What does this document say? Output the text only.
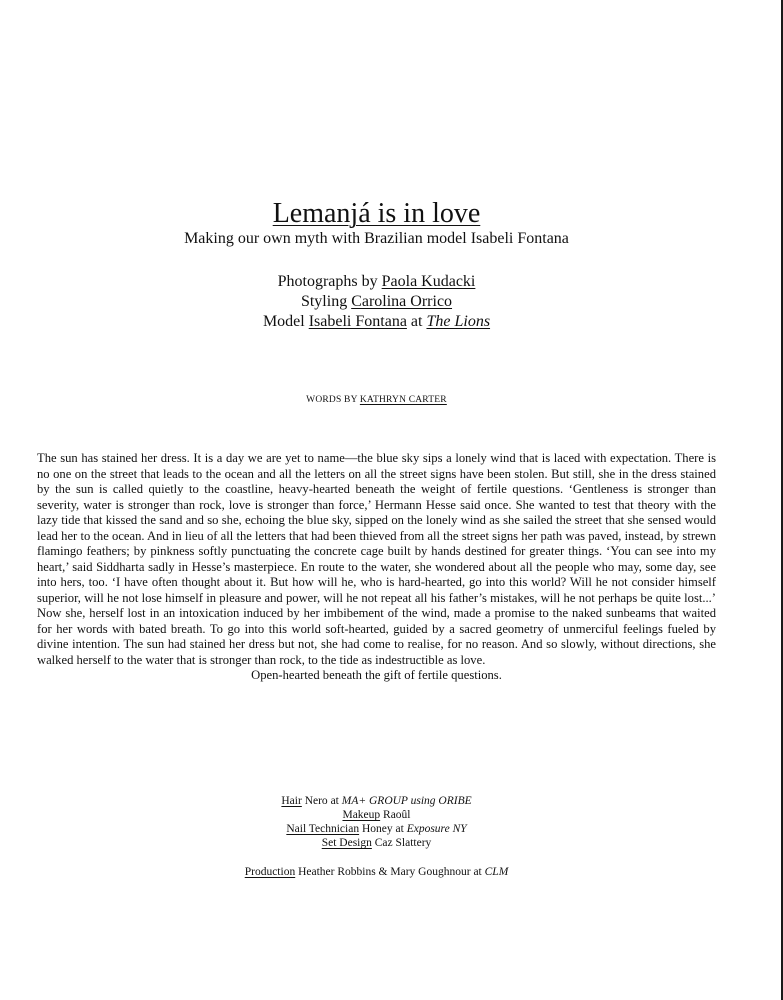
Lemanjá is in love
Making our own myth with Brazilian model Isabeli Fontana
Photographs by Paola Kudacki
Styling Carolina Orrico
Model Isabeli Fontana at The Lions
WORDS BY KATHRYN CARTER

The sun has stained her dress. It is a day we are yet to name—the blue sky sips a lonely wind that is laced with expectation. There is no one on the street that leads to the ocean and all the letters on all the street signs have been stolen. But still, she in the dress stained by the sun is called quietly to the coastline, heavy-hearted beneath the weight of fertile questions. ‘Gentleness is stronger than severity, water is stronger than rock, love is stronger than force,’ Hermann Hesse said once. She wanted to test that theory with the lazy tide that kissed the sand and so she, echoing the blue sky, sipped on the lonely wind as she sailed the street that she sensed would lead her to the ocean. And in lieu of all the letters that had been thieved from all the street signs her path was paved, instead, by strewn flamingo feathers; by pinkness softly punctuating the concrete cage built by hands destined for greater things. ‘You can see into my heart,’ said Siddharta sadly in Hesse’s masterpiece. En route to the water, she wondered about all the people who may, some day, see into hers, too. ‘I have often thought about it. But how will he, who is hard-hearted, go into this world? Will he not consider himself superior, will he not lose himself in pleasure and power, will he not repeat all his father’s mistakes, will he not perhaps be quite lost...’ Now she, herself lost in an intoxication induced by her imbibement of the wind, made a promise to the naked sunbeams that waited for her words with bated breath. To go into this world soft-hearted, guided by a sacred geometry of unmerciful feelings fueled by divine intention. The sun had stained her dress but not, she had come to realise, for no reason. And so slowly, without directions, she walked herself to the water that is stronger than rock, to the tide as indestructible as love.

Open-hearted beneath the gift of fertile questions.
Hair Nero at MA+ GROUP using ORIBE
Makeup Raoûl
Nail Technician Honey at Exposure NY
Set Design Caz Slattery
Production Heather Robbins & Mary Goughnour at CLM
